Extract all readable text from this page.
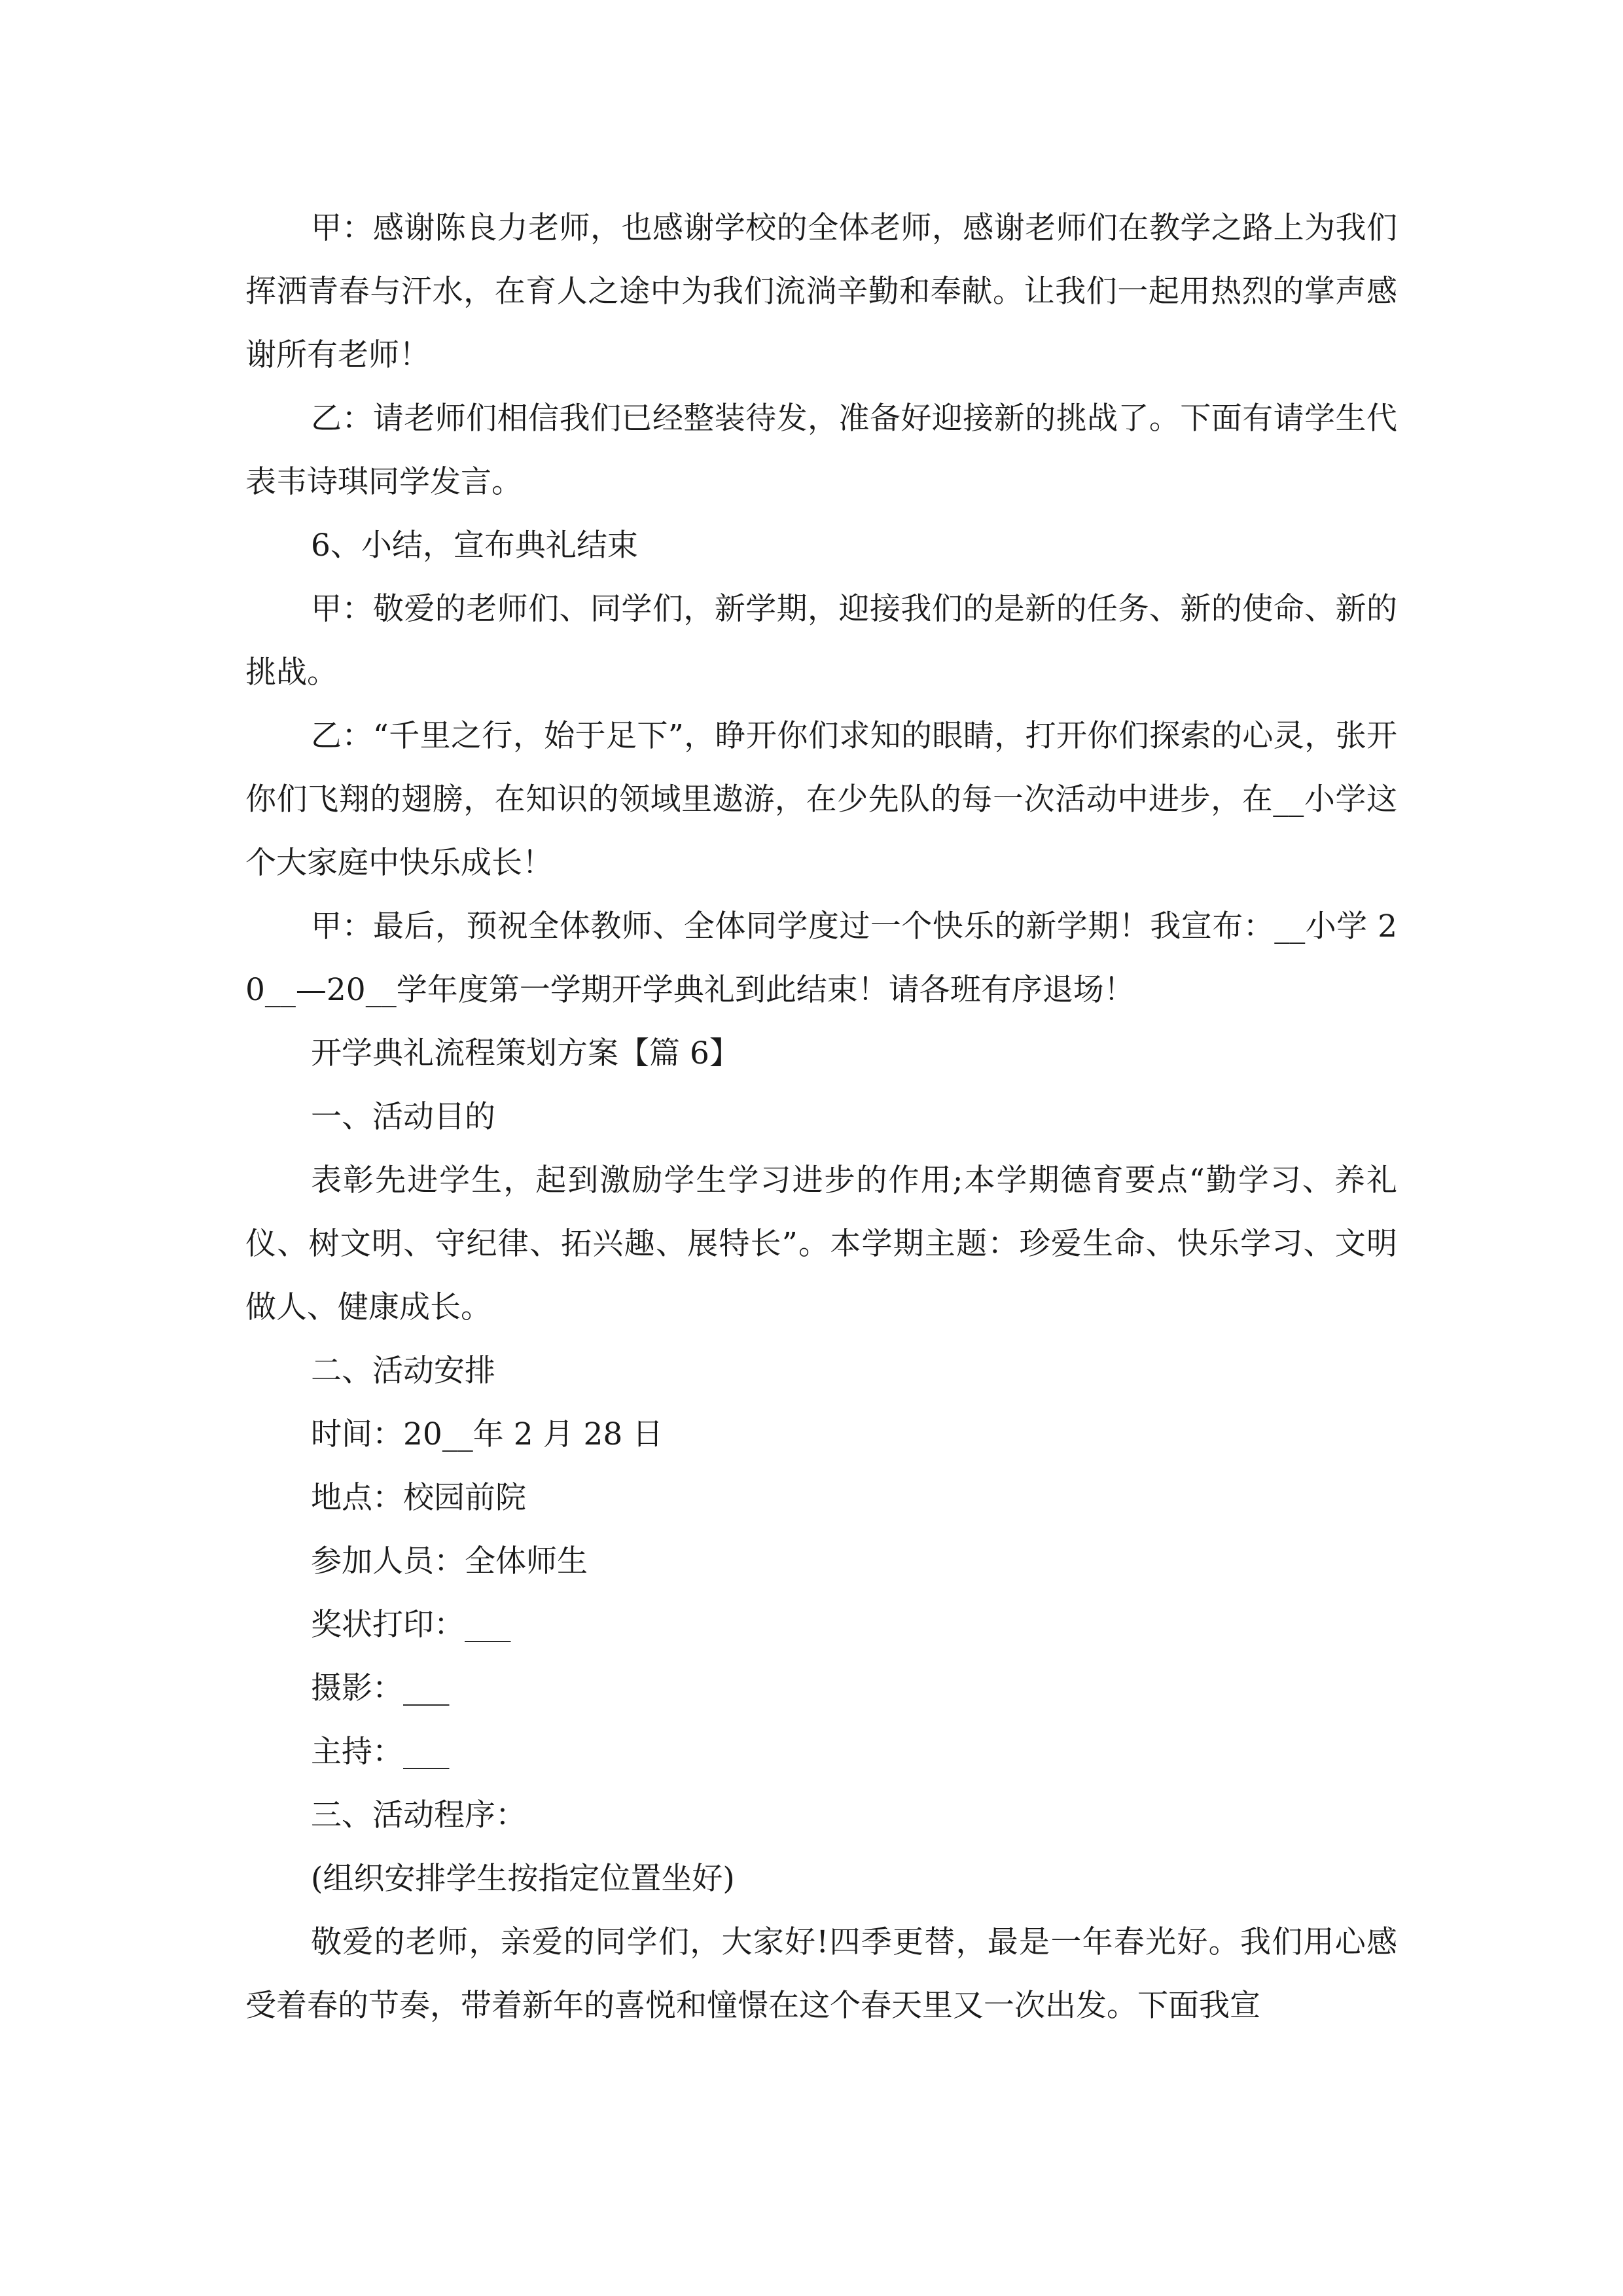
甲：感谢陈良力老师，也感谢学校的全体老师，感谢老师们在教学之路上为我们挥洒青春与汗水，在育人之途中为我们流淌辛勤和奉献。让我们一起用热烈的掌声感谢所有老师！

乙：请老师们相信我们已经整装待发，准备好迎接新的挑战了。下面有请学生代表韦诗琪同学发言。

6、小结，宣布典礼结束

甲：敬爱的老师们、同学们，新学期，迎接我们的是新的任务、新的使命、新的挑战。

乙：“千里之行，始于足下”，睁开你们求知的眼睛，打开你们探索的心灵，张开你们飞翔的翅膀，在知识的领域里遨游，在少先队的每一次活动中进步，在__小学这个大家庭中快乐成长！

甲：最后，预祝全体教师、全体同学度过一个快乐的新学期！我宣布：__小学 20__—20__学年度第一学期开学典礼到此结束！请各班有序退场！

开学典礼流程策划方案【篇 6】

一、活动目的

表彰先进学生，起到激励学生学习进步的作用;本学期德育要点“勤学习、养礼仪、树文明、守纪律、拓兴趣、展特长”。本学期主题：珍爱生命、快乐学习、文明做人、健康成长。

二、活动安排

时间：20__年 2 月 28 日

地点：校园前院

参加人员：全体师生

奖状打印：___

摄影：___

主持：___

三、活动程序：

(组织安排学生按指定位置坐好)

敬爱的老师，亲爱的同学们，大家好!四季更替，最是一年春光好。我们用心感受着春的节奏，带着新年的喜悦和憧憬在这个春天里又一次出发。下面我宣
